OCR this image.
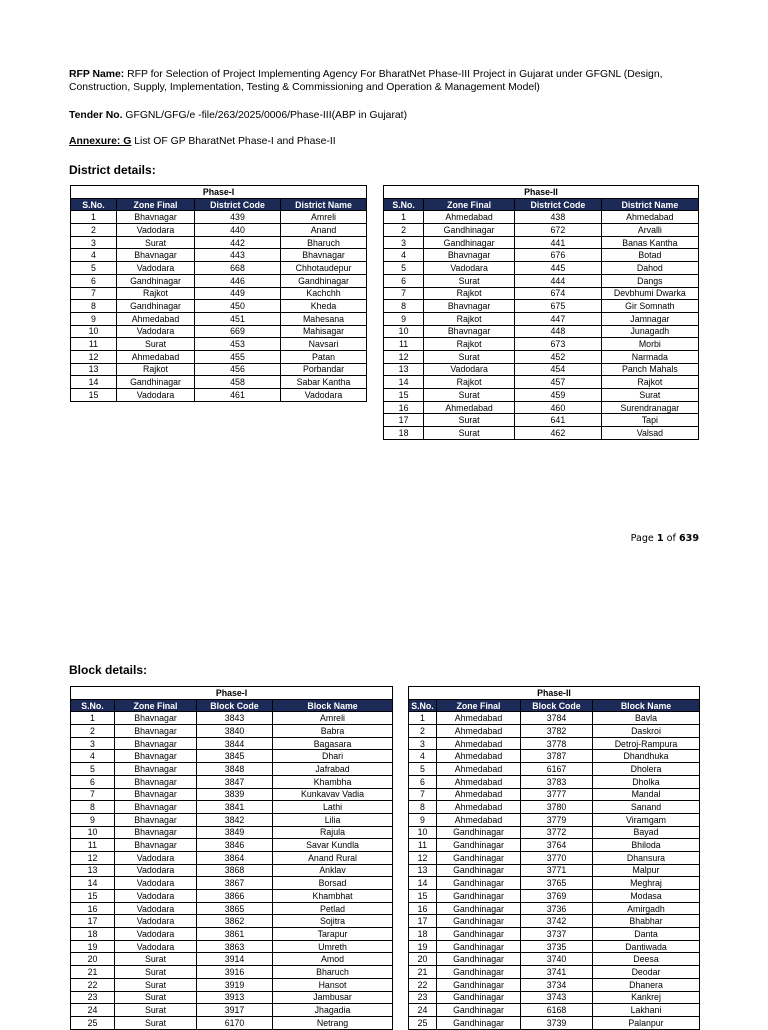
RFP Name: RFP for Selection of Project Implementing Agency For BharatNet Phase-III Project in Gujarat under GFGNL (Design, Construction, Supply, Implementation, Testing & Commissioning and Operation & Management Model)
Tender No. GFGNL/GFG/e -file/263/2025/0006/Phase-III(ABP in Gujarat)
Annexure: G List OF GP BharatNet Phase-I and Phase-II
District details:
Phase-I			
S.No.	Zone Final	District Code	District Name
1	Bhavnagar	439	Amreli
2	Vadodara	440	Anand
3	Surat	442	Bharuch
4	Bhavnagar	443	Bhavnagar
5	Vadodara	668	Chhotaudepur
6	Gandhinagar	446	Gandhinagar
7	Rajkot	449	Kachchh
8	Gandhinagar	450	Kheda
9	Ahmedabad	451	Mahesana
10	Vadodara	669	Mahisagar
11	Surat	453	Navsari
12	Ahmedabad	455	Patan
13	Rajkot	456	Porbandar
14	Gandhinagar	458	Sabar Kantha
15	Vadodara	461	Vadodara
Phase-II			
S.No.	Zone Final	District Code	District Name
1	Ahmedabad	438	Ahmedabad
2	Gandhinagar	672	Arvalli
3	Gandhinagar	441	Banas Kantha
4	Bhavnagar	676	Botad
5	Vadodara	445	Dahod
6	Surat	444	Dangs
7	Rajkot	674	Devbhumi Dwarka
8	Bhavnagar	675	Gir Somnath
9	Rajkot	447	Jamnagar
10	Bhavnagar	448	Junagadh
11	Rajkot	673	Morbi
12	Surat	452	Narmada
13	Vadodara	454	Panch Mahals
14	Rajkot	457	Rajkot
15	Surat	459	Surat
16	Ahmedabad	460	Surendranagar
17	Surat	641	Tapi
18	Surat	462	Valsad
Page 1 of 639
Block details:
Phase-I			
S.No.	Zone Final	Block Code	Block Name
1	Bhavnagar	3843	Amreli
2	Bhavnagar	3840	Babra
3	Bhavnagar	3844	Bagasara
4	Bhavnagar	3845	Dhari
5	Bhavnagar	3848	Jafrabad
6	Bhavnagar	3847	Khambha
7	Bhavnagar	3839	Kunkavav Vadia
8	Bhavnagar	3841	Lathi
9	Bhavnagar	3842	Lilia
10	Bhavnagar	3849	Rajula
11	Bhavnagar	3846	Savar Kundla
12	Vadodara	3864	Anand Rural
13	Vadodara	3868	Anklav
14	Vadodara	3867	Borsad
15	Vadodara	3866	Khambhat
16	Vadodara	3865	Petlad
17	Vadodara	3862	Sojitra
18	Vadodara	3861	Tarapur
19	Vadodara	3863	Umreth
20	Surat	3914	Amod
21	Surat	3916	Bharuch
22	Surat	3919	Hansot
23	Surat	3913	Jambusar
24	Surat	3917	Jhagadia
25	Surat	6170	Netrang
Phase-II			
S.No.	Zone Final	Block Code	Block Name
1	Ahmedabad	3784	Bavla
2	Ahmedabad	3782	Daskroi
3	Ahmedabad	3778	Detroj-Rampura
4	Ahmedabad	3787	Dhandhuka
5	Ahmedabad	6167	Dholera
6	Ahmedabad	3783	Dholka
7	Ahmedabad	3777	Mandal
8	Ahmedabad	3780	Sanand
9	Ahmedabad	3779	Viramgam
10	Gandhinagar	3772	Bayad
11	Gandhinagar	3764	Bhiloda
12	Gandhinagar	3770	Dhansura
13	Gandhinagar	3771	Malpur
14	Gandhinagar	3765	Meghraj
15	Gandhinagar	3769	Modasa
16	Gandhinagar	3736	Amirgadh
17	Gandhinagar	3742	Bhabhar
18	Gandhinagar	3737	Danta
19	Gandhinagar	3735	Dantiwada
20	Gandhinagar	3740	Deesa
21	Gandhinagar	3741	Deodar
22	Gandhinagar	3734	Dhanera
23	Gandhinagar	3743	Kankrej
24	Gandhinagar	6168	Lakhani
25	Gandhinagar	3739	Palanpur
